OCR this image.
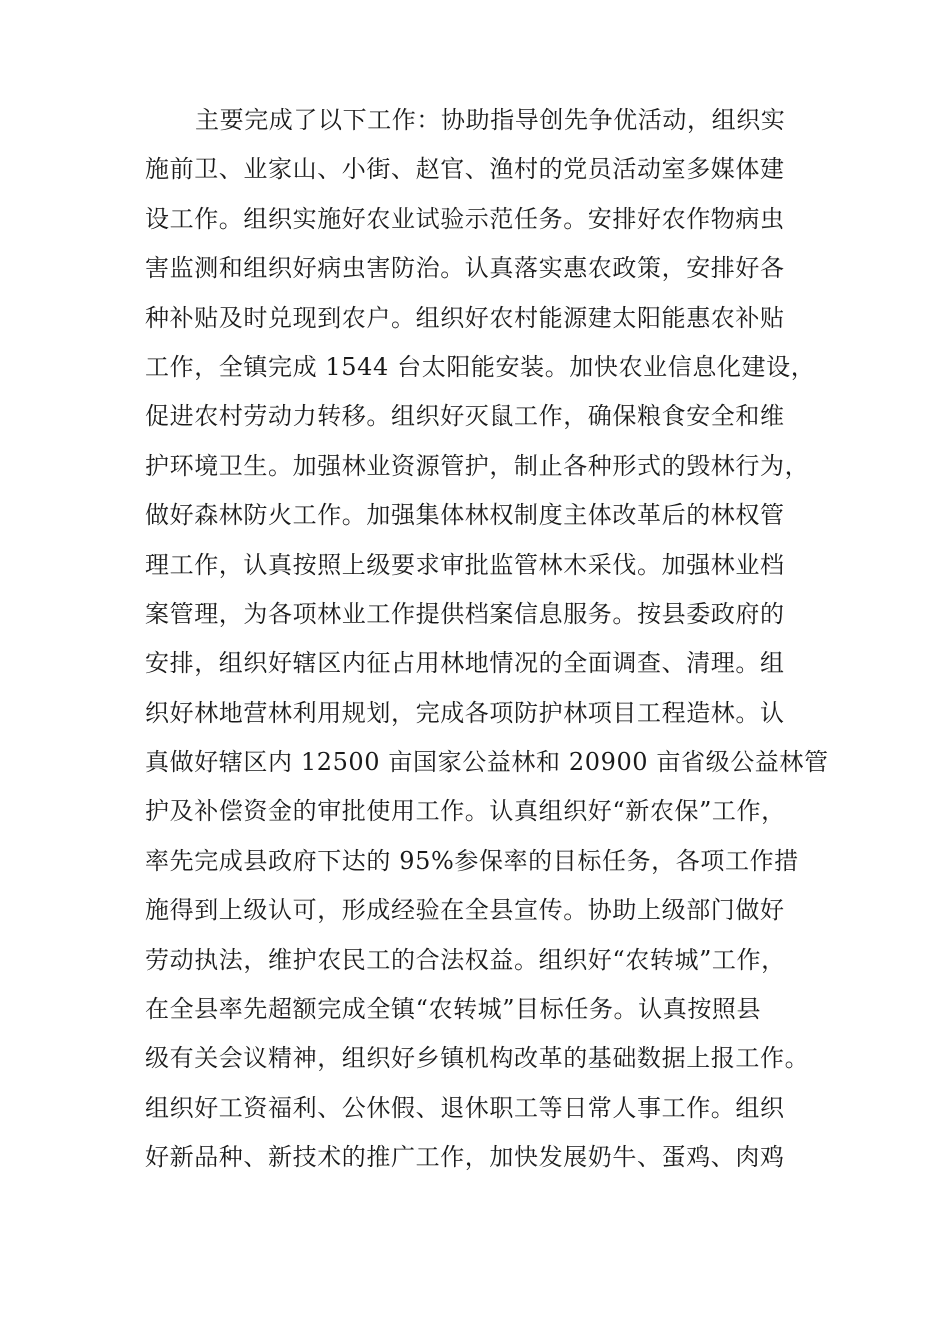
主要完成了以下工作：协助指导创先争优活动，组织实
施前卫、业家山、小街、赵官、渔村的党员活动室多媒体建
设工作。组织实施好农业试验示范任务。安排好农作物病虫
害监测和组织好病虫害防治。认真落实惠农政策，安排好各
种补贴及时兑现到农户。组织好农村能源建太阳能惠农补贴
工作，全镇完成 1544 台太阳能安装。加快农业信息化建设，
促进农村劳动力转移。组织好灭鼠工作，确保粮食安全和维
护环境卫生。加强林业资源管护，制止各种形式的毁林行为，
做好森林防火工作。加强集体林权制度主体改革后的林权管
理工作，认真按照上级要求审批监管林木采伐。加强林业档
案管理，为各项林业工作提供档案信息服务。按县委政府的
安排，组织好辖区内征占用林地情况的全面调查、清理。组
织好林地营林利用规划，完成各项防护林项目工程造林。认
真做好辖区内 12500 亩国家公益林和 20900 亩省级公益林管
护及补偿资金的审批使用工作。认真组织好“新农保”工作，
率先完成县政府下达的 95%参保率的目标任务，各项工作措
施得到上级认可，形成经验在全县宣传。协助上级部门做好
劳动执法，维护农民工的合法权益。组织好“农转城”工作，
在全县率先超额完成全镇“农转城”目标任务。认真按照县
级有关会议精神，组织好乡镇机构改革的基础数据上报工作。
组织好工资福利、公休假、退休职工等日常人事工作。组织
好新品种、新技术的推广工作，加快发展奶牛、蛋鸡、肉鸡
